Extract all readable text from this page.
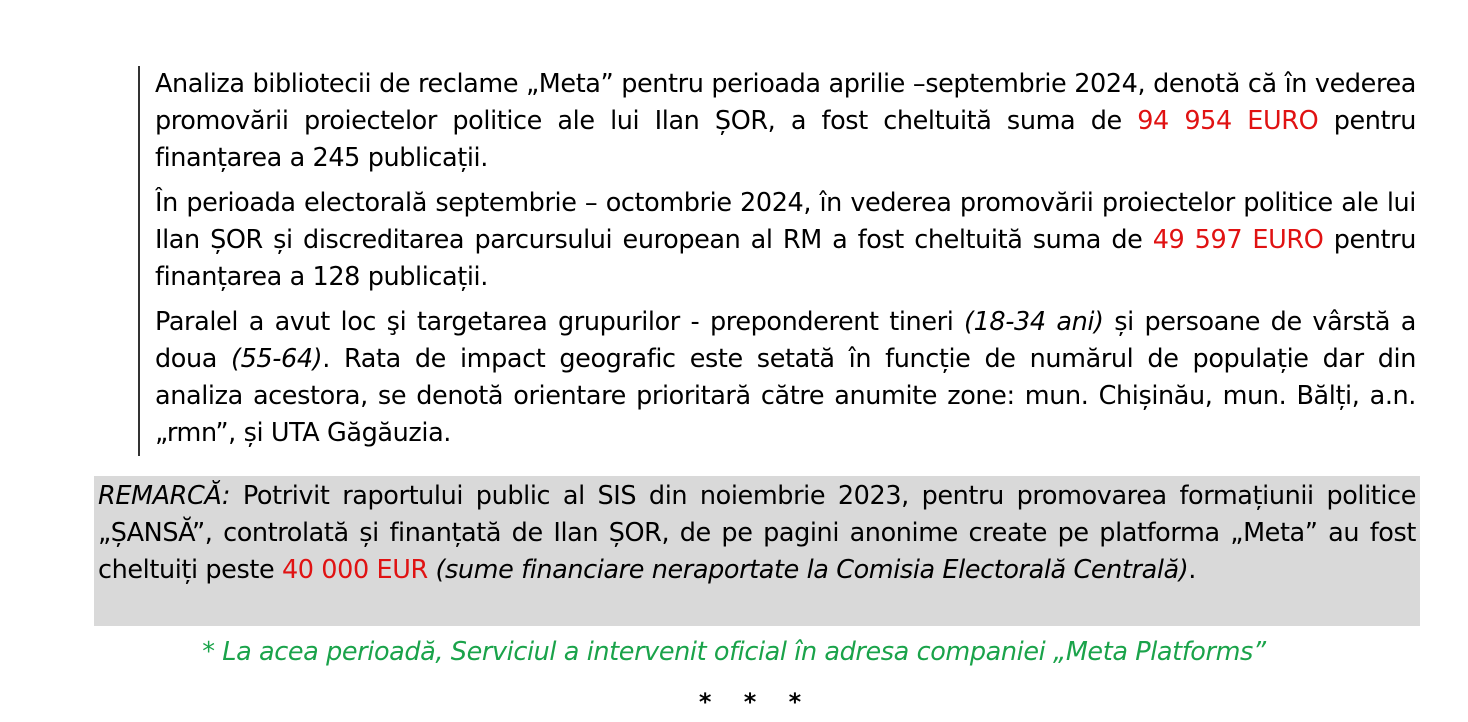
Analiza bibliotecii de reclame „Meta” pentru perioada aprilie –septembrie 2024, denotă că în vederea promovării proiectelor politice ale lui Ilan ȘOR, a fost cheltuită suma de 94 954 EURO pentru finanțarea a 245 publicații.

În perioada electorală septembrie – octombrie 2024, în vederea promovării proiectelor politice ale lui Ilan ȘOR și discreditarea parcursului european al RM a fost cheltuită suma de 49 597 EURO pentru finanțarea a 128 publicații.

Paralel a avut loc şi targetarea grupurilor - preponderent tineri (18-34 ani) și persoane de vârstă a doua (55-64). Rata de impact geografic este setată în funcție de numărul de populație dar din analiza acestora, se denotă orientare prioritară către anumite zone: mun. Chișinău, mun. Bălți, a.n. „rmn”, și UTA Găgăuzia.

REMARCĂ: Potrivit raportului public al SIS din noiembrie 2023, pentru promovarea formațiunii politice „ȘANSĂ”, controlată și finanțată de Ilan ȘOR, de pe pagini anonime create pe platforma „Meta” au fost cheltuiți peste 40 000 EUR (sume financiare neraportate la Comisia Electorală Centrală).
* La acea perioadă, Serviciul a intervenit oficial în adresa companiei „Meta Platforms”
* * *
